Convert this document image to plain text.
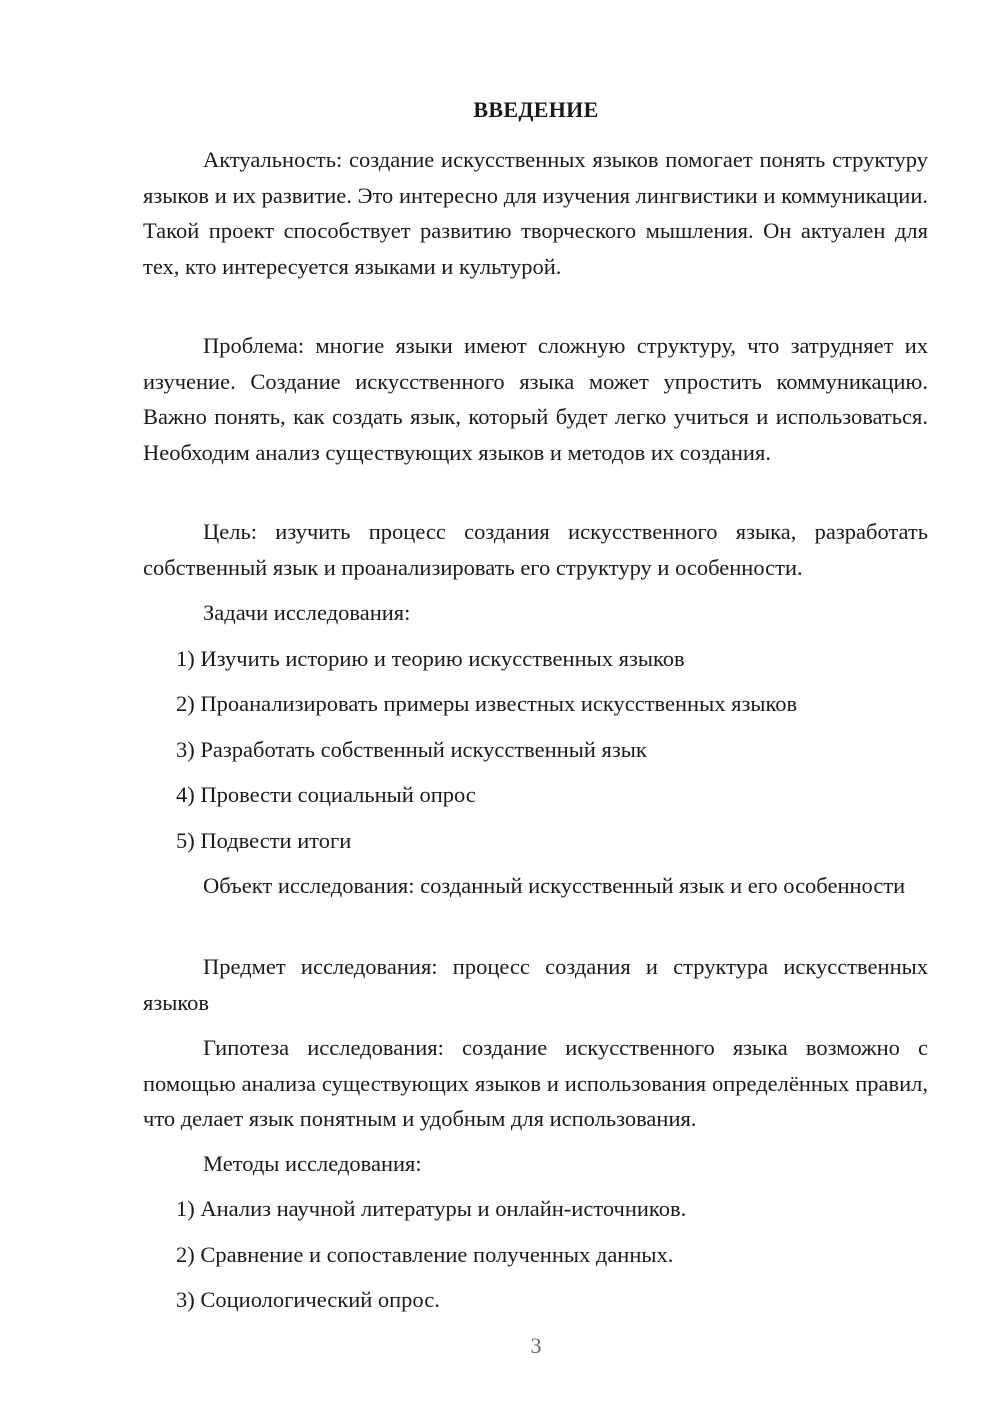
ВВЕДЕНИЕ

Актуальность: создание искусственных языков помогает понять структуру языков и их развитие. Это интересно для изучения лингвистики и коммуникации. Такой проект способствует развитию творческого мышления. Он актуален для тех, кто интересуется языками и культурой.

Проблема: многие языки имеют сложную структуру, что затрудняет их изучение. Создание искусственного языка может упростить коммуникацию. Важно понять, как создать язык, который будет легко учиться и использоваться. Необходим анализ существующих языков и методов их создания.

Цель: изучить процесс создания искусственного языка, разработать собственный язык и проанализировать его структуру и особенности.

Задачи исследования:

1) Изучить историю и теорию искусственных языков

2) Проанализировать примеры известных искусственных языков

3) Разработать собственный искусственный язык

4) Провести социальный опрос

5) Подвести итоги

Объект исследования: созданный искусственный язык и его особенности

Предмет исследования: процесс создания и структура искусственных языков

Гипотеза исследования: создание искусственного языка возможно с помощью анализа существующих языков и использования определённых правил, что делает язык понятным и удобным для использования.

Методы исследования:

1) Анализ научной литературы и онлайн-источников.

2) Сравнение и сопоставление полученных данных.

3) Социологический опрос.

3
